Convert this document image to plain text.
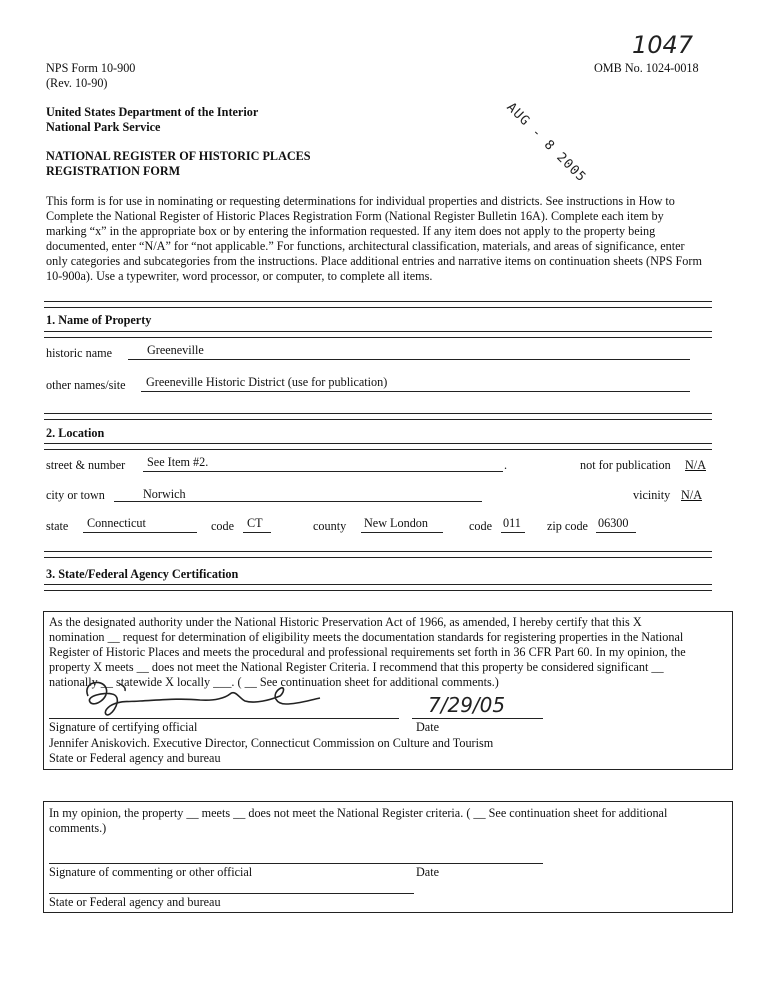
1047
NPS Form 10-900
(Rev. 10-90)
OMB No. 1024-0018
United States Department of the Interior
National Park Service
NATIONAL REGISTER OF HISTORIC PLACES
REGISTRATION FORM	AUG - 8 2005
This form is for use in nominating or requesting determinations for individual properties and districts. See instructions in How to
Complete the National Register of Historic Places Registration Form (National Register Bulletin 16A). Complete each item by
marking “x” in the appropriate box or by entering the information requested. If any item does not apply to the property being
documented, enter “N/A” for “not applicable.” For functions, architectural classification, materials, and areas of significance, enter
only categories and subcategories from the instructions. Place additional entries and narrative items on continuation sheets (NPS Form
10-900a). Use a typewriter, word processor, or computer, to complete all items.
1. Name of Property
historic name	Greeneville
other names/site Greeneville Historic District (use for publication)
2. Location
street & number See Item #2.	.	not for publication N/A
city or town	Norwich	vicinity N/A
state Connecticut	code CT	county New London	code 011 zip code 06300
3. State/Federal Agency Certification
As the designated authority under the National Historic Preservation Act of 1966, as amended, I hereby certify that this X
nomination __ request for determination of eligibility meets the documentation standards for registering properties in the National
Register of Historic Places and meets the procedural and professional requirements set forth in 36 CFR Part 60. In my opinion, the
property X meets __ does not meet the National Register Criteria. I recommend that this property be considered significant __
nationally __ statewide X locally ___. ( __ See continuation sheet for additional comments.)
Signature of certifying official
7/29/05
Date
Jennifer Aniskovich. Executive Director, Connecticut Commission on Culture and Tourism
State or Federal agency and bureau
In my opinion, the property __ meets __ does not meet the National Register criteria. ( __ See continuation sheet for additional
comments.)
Signature of commenting or other official	Date
State or Federal agency and bureau
